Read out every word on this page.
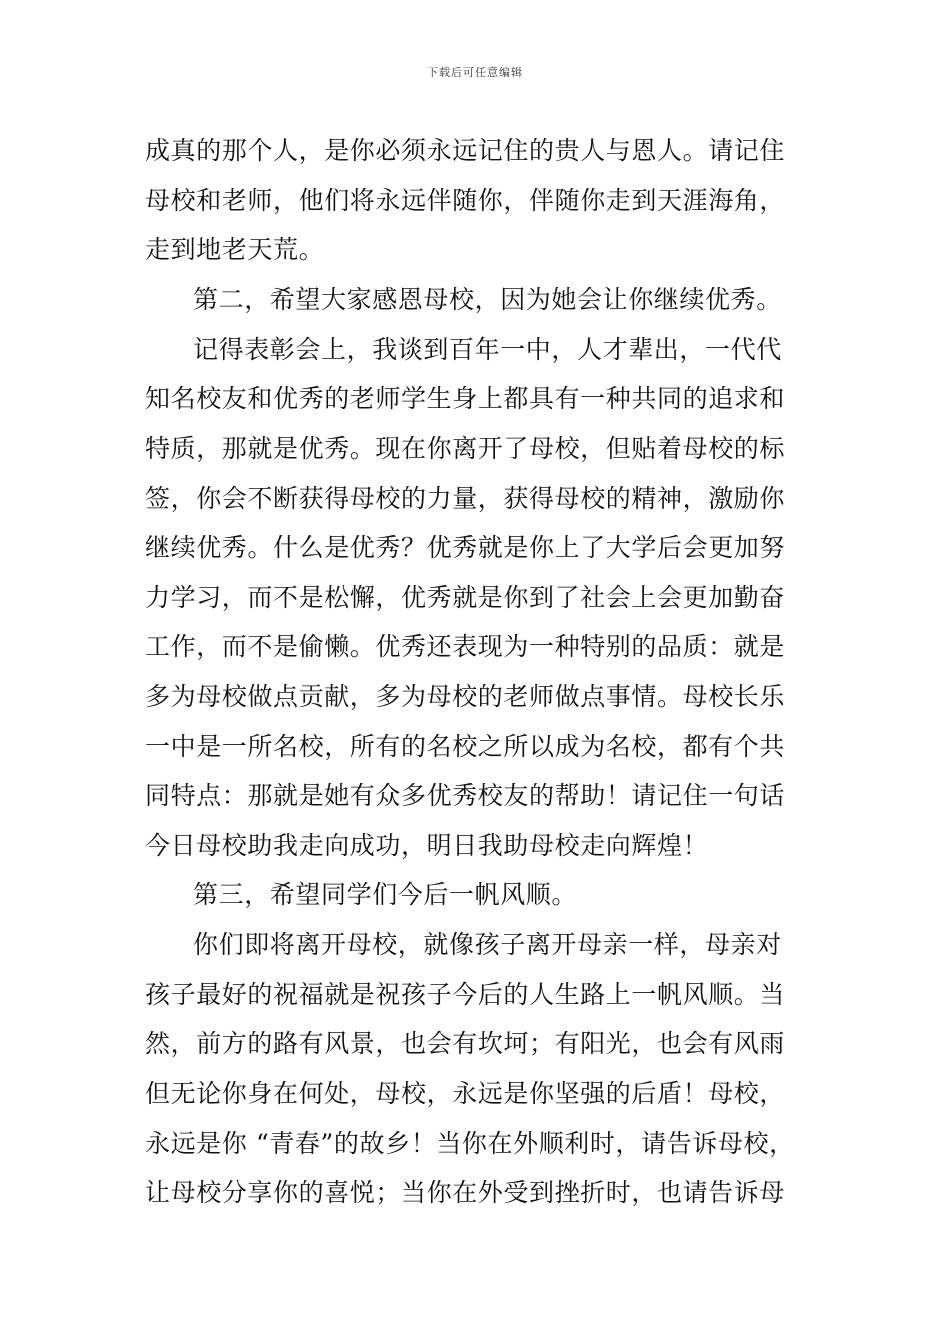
下载后可任意编辑
成真的那个人，是你必须永远记住的贵人与恩人。请记住
母校和老师，他们将永远伴随你，伴随你走到天涯海角，
走到地老天荒。
第二，希望大家感恩母校，因为她会让你继续优秀。
记得表彰会上，我谈到百年一中，人才辈出，一代代
知名校友和优秀的老师学生身上都具有一种共同的追求和
特质，那就是优秀。现在你离开了母校，但贴着母校的标
签，你会不断获得母校的力量，获得母校的精神，激励你
继续优秀。什么是优秀？优秀就是你上了大学后会更加努
力学习，而不是松懈，优秀就是你到了社会上会更加勤奋
工作，而不是偷懒。优秀还表现为一种特别的品质：就是
多为母校做点贡献，多为母校的老师做点事情。母校长乐
一中是一所名校，所有的名校之所以成为名校，都有个共
同特点：那就是她有众多优秀校友的帮助！请记住一句话
今日母校助我走向成功，明日我助母校走向辉煌！
第三，希望同学们今后一帆风顺。
你们即将离开母校，就像孩子离开母亲一样，母亲对
孩子最好的祝福就是祝孩子今后的人生路上一帆风顺。当
然，前方的路有风景，也会有坎坷；有阳光，也会有风雨
但无论你身在何处，母校，永远是你坚强的后盾！母校，
永远是你 “青春”的故乡！当你在外顺利时，请告诉母校，
让母校分享你的喜悦；当你在外受到挫折时，也请告诉母
